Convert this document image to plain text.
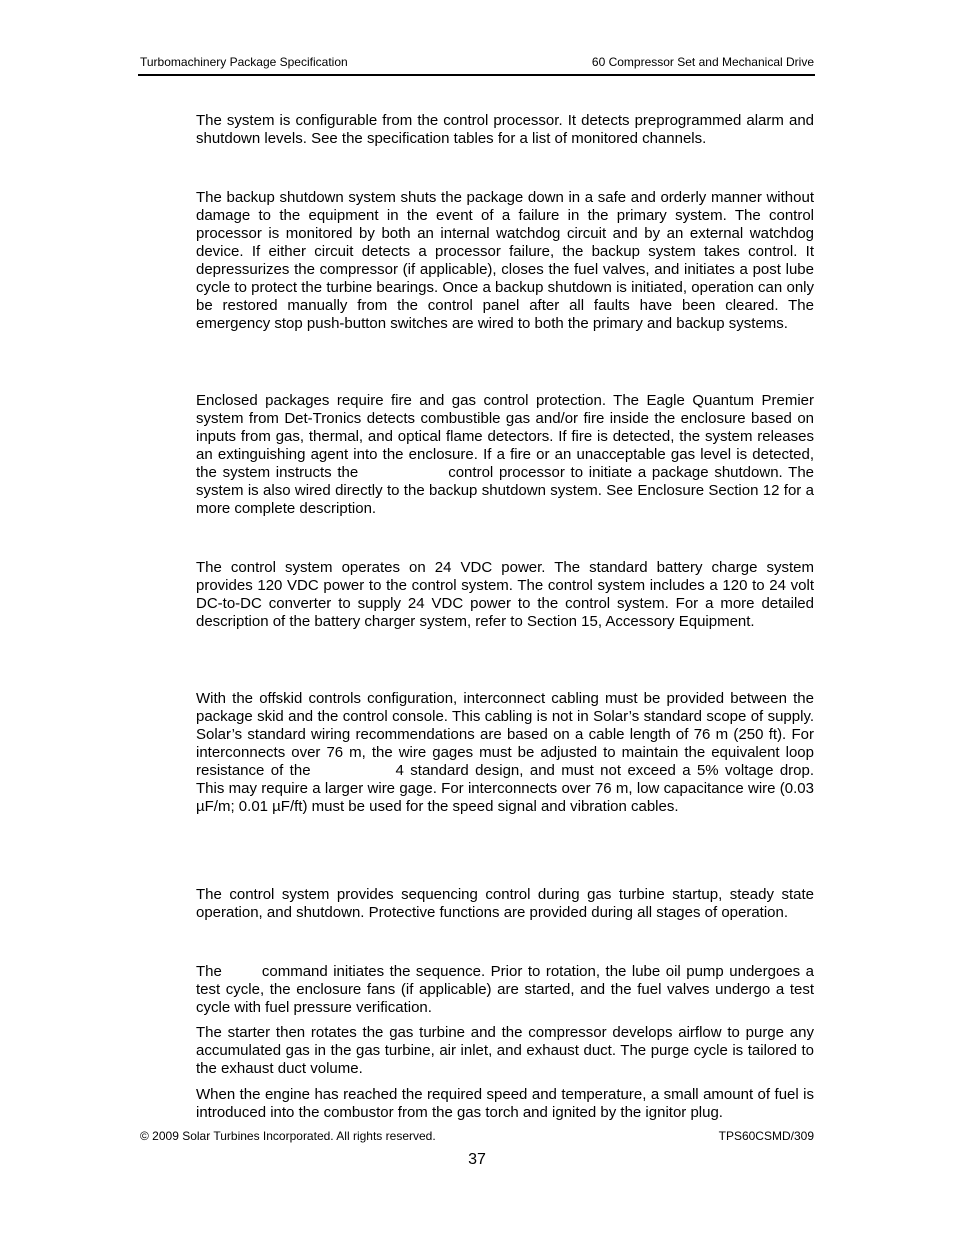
Turbomachinery Package Specification	60 Compressor Set and Mechanical Drive

The system is configurable from the control processor. It detects preprogrammed alarm and shutdown levels. See the specification tables for a list of monitored channels.

The backup shutdown system shuts the package down in a safe and orderly manner without damage to the equipment in the event of a failure in the primary system. The control processor is monitored by both an internal watchdog circuit and by an external watchdog device. If either circuit detects a processor failure, the backup system takes control. It depressurizes the compressor (if applicable), closes the fuel valves, and initiates a post lube cycle to protect the turbine bearings. Once a backup shutdown is initiated, operation can only be restored manually from the control panel after all faults have been cleared. The emergency stop push-button switches are wired to both the primary and backup systems.

Enclosed packages require fire and gas control protection. The Eagle Quantum Premier system from Det-Tronics detects combustible gas and/or fire inside the enclosure based on inputs from gas, thermal, and optical flame detectors. If fire is detected, the system releases an extinguishing agent into the enclosure. If a fire or an unacceptable gas level is detected, the system instructs the	control processor to initiate a package shutdown. The system is also wired directly to the backup shutdown system. See Enclosure Section 12 for a more complete description.

The control system operates on 24 VDC power. The standard battery charge system provides 120 VDC power to the control system. The control system includes a 120 to 24 volt DC-to-DC converter to supply 24 VDC power to the control system. For a more detailed description of the battery charger system, refer to Section 15, Accessory Equipment.

With the offskid controls configuration, interconnect cabling must be provided between the package skid and the control console. This cabling is not in Solar’s standard scope of supply. Solar’s standard wiring recommendations are based on a cable length of 76 m (250 ft). For interconnects over 76 m, the wire gages must be adjusted to maintain the equivalent loop resistance of the	4 standard design, and must not exceed a 5% voltage drop. This may require a larger wire gage. For interconnects over 76 m, low capacitance wire (0.03 µF/m; 0.01 µF/ft) must be used for the speed signal and vibration cables.

The control system provides sequencing control during gas turbine startup, steady state operation, and shutdown. Protective functions are provided during all stages of operation.

The	command initiates the sequence. Prior to rotation, the lube oil pump undergoes a test cycle, the enclosure fans (if applicable) are started, and the fuel valves undergo a test cycle with fuel pressure verification.

The starter then rotates the gas turbine and the compressor develops airflow to purge any accumulated gas in the gas turbine, air inlet, and exhaust duct. The purge cycle is tailored to the exhaust duct volume.

When the engine has reached the required speed and temperature, a small amount of fuel is introduced into the combustor from the gas torch and ignited by the ignitor plug.

© 2009 Solar Turbines Incorporated. All rights reserved.	TPS60CSMD/309
37
